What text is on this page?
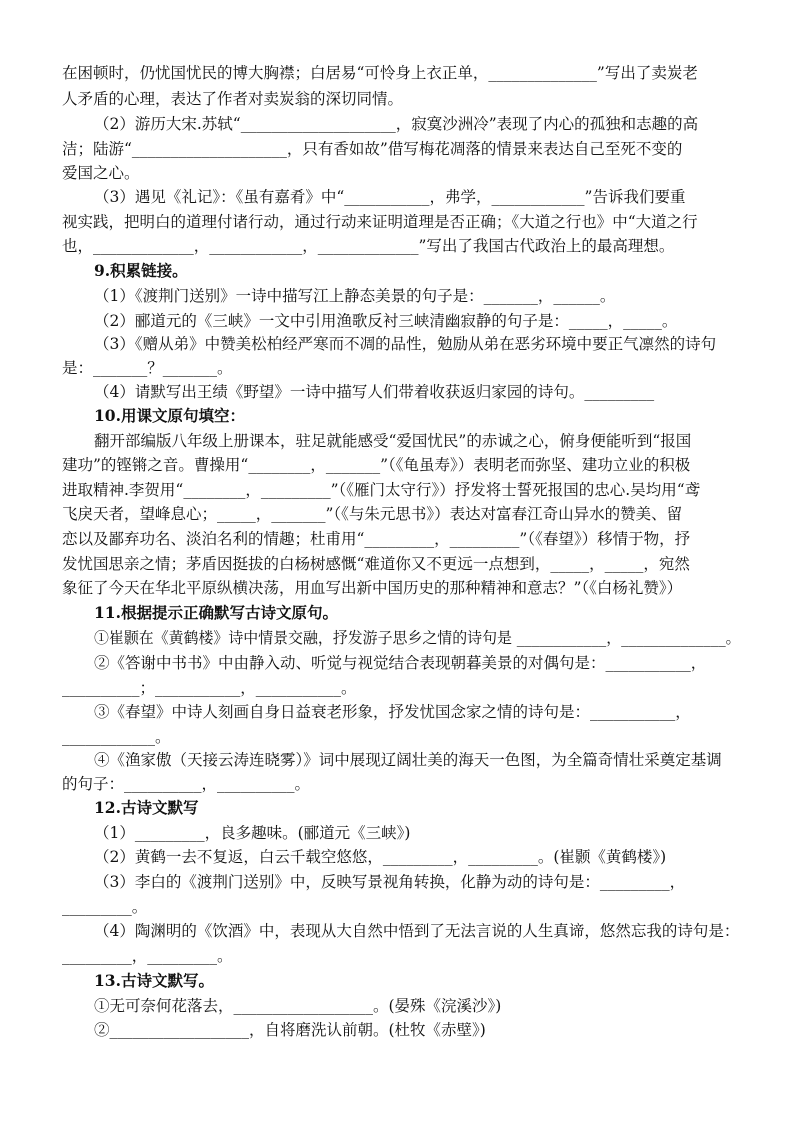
在困顿时，仍忧国忧民的博大胸襟；白居易“可怜身上衣正单，______________”写出了卖炭老
人矛盾的心理，表达了作者对卖炭翁的深切同情。
（2）游历大宋.苏轼“____________________，寂寞沙洲冷”表现了内心的孤独和志趣的高
洁；陆游“____________________，只有香如故”借写梅花凋落的情景来表达自己至死不变的
爱国之心。
（3）遇见《礼记》：《虽有嘉肴》中“___________，弗学，____________”告诉我们要重
视实践，把明白的道理付诸行动，通过行动来证明道理是否正确；《大道之行也》中“大道之行
也，_____________，____________，_____________”写出了我国古代政治上的最高理想。
9.积累链接。
（1）《渡荆门送别》一诗中描写江上静态美景的句子是：_______，______。
（2）郦道元的《三峡》一文中引用渔歌反衬三峡清幽寂静的句子是：_____，_____。
（3）《赠从弟》中赞美松柏经严寒而不凋的品性，勉励从弟在恶劣环境中要正气凛然的诗句
是：_______？_______。
（4）请默写出王绩《野望》一诗中描写人们带着收获返归家园的诗句。_________
10.用课文原句填空：
翻开部编版八年级上册课本，驻足就能感受“爱国忧民”的赤诚之心，俯身便能听到“报国
建功”的铿锵之音。曹操用“________，_______”（《龟虽寿》）表明老而弥坚、建功立业的积极
进取精神.李贺用“________，_________”（《雁门太守行》）抒发将士誓死报国的忠心.吴均用“鸢
飞戾天者，望峰息心；_____，_______”（《与朱元思书》）表达对富春江奇山异水的赞美、留
恋以及鄙弃功名、淡泊名利的情趣；杜甫用“_________，_________”（《春望》）移情于物，抒
发忧国思亲之情；茅盾因挺拔的白杨树感慨“难道你又不更远一点想到，_____，_____，宛然
象征了今天在华北平原纵横决荡，用血写出新中国历史的那种精神和意志？”（《白杨礼赞》）
11.根据提示正确默写古诗文原句。
①崔颢在《黄鹤楼》诗中情景交融，抒发游子思乡之情的诗句是 ____________，______________。
②《答谢中书书》中由静入动、听觉与视觉结合表现朝暮美景的对偶句是：___________，
__________；___________，___________。
③《春望》中诗人刻画自身日益衰老形象，抒发忧国念家之情的诗句是：___________，
____________。
④《渔家傲（天接云涛连晓雾）》词中展现辽阔壮美的海天一色图，为全篇奇情壮采奠定基调
的句子：__________，__________。
12.古诗文默写
（1）_________，良多趣味。(郦道元《三峡》)
（2）黄鹤一去不复返，白云千载空悠悠，_________，_________。(崔颢《黄鹤楼》)
（3）李白的《渡荆门送别》中，反映写景视角转换，化静为动的诗句是：_________，
_________。
（4）陶渊明的《饮酒》中，表现从大自然中悟到了无法言说的人生真谛，悠然忘我的诗句是：
_________，_________。
13.古诗文默写。
①无可奈何花落去，__________________。(晏殊《浣溪沙》)
②__________________，自将磨洗认前朝。(杜牧《赤壁》)
